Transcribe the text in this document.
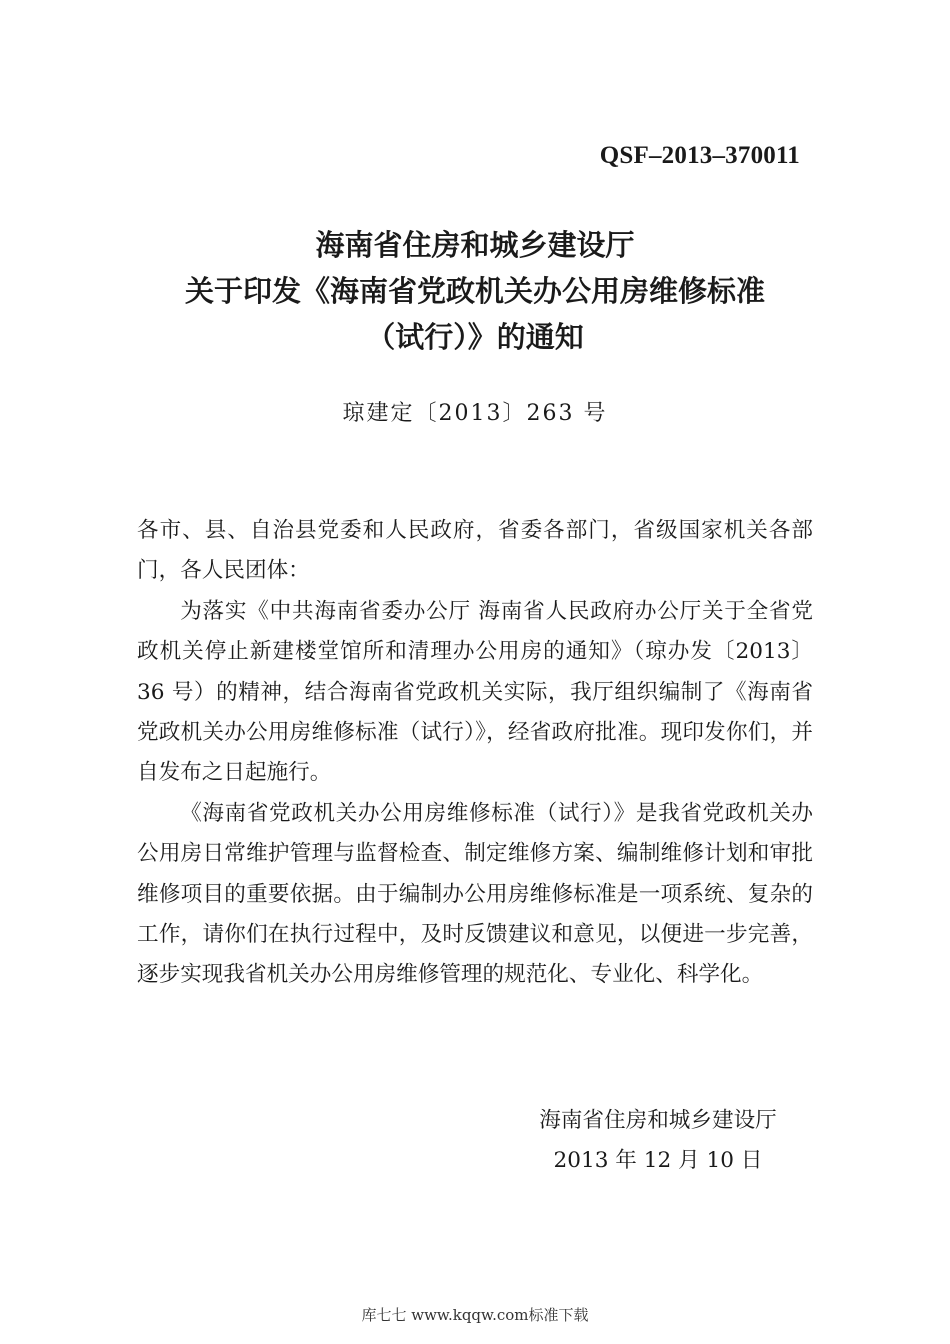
QSF–2013–370011
海南省住房和城乡建设厅
关于印发《海南省党政机关办公用房维修标准
（试行）》的通知
琼建定〔2013〕263 号

各市、县、自治县党委和人民政府，省委各部门，省级国家机关各部门，各人民团体：

为落实《中共海南省委办公厅 海南省人民政府办公厅关于全省党政机关停止新建楼堂馆所和清理办公用房的通知》（琼办发〔2013〕36 号）的精神，结合海南省党政机关实际，我厅组织编制了《海南省党政机关办公用房维修标准（试行）》，经省政府批准。现印发你们，并自发布之日起施行。

《海南省党政机关办公用房维修标准（试行）》是我省党政机关办公用房日常维护管理与监督检查、制定维修方案、编制维修计划和审批维修项目的重要依据。由于编制办公用房维修标准是一项系统、复杂的工作，请你们在执行过程中，及时反馈建议和意见，以便进一步完善，逐步实现我省机关办公用房维修管理的规范化、专业化、科学化。

海南省住房和城乡建设厅
2013 年 12 月 10 日
库七七 www.kqqw.com标准下载
